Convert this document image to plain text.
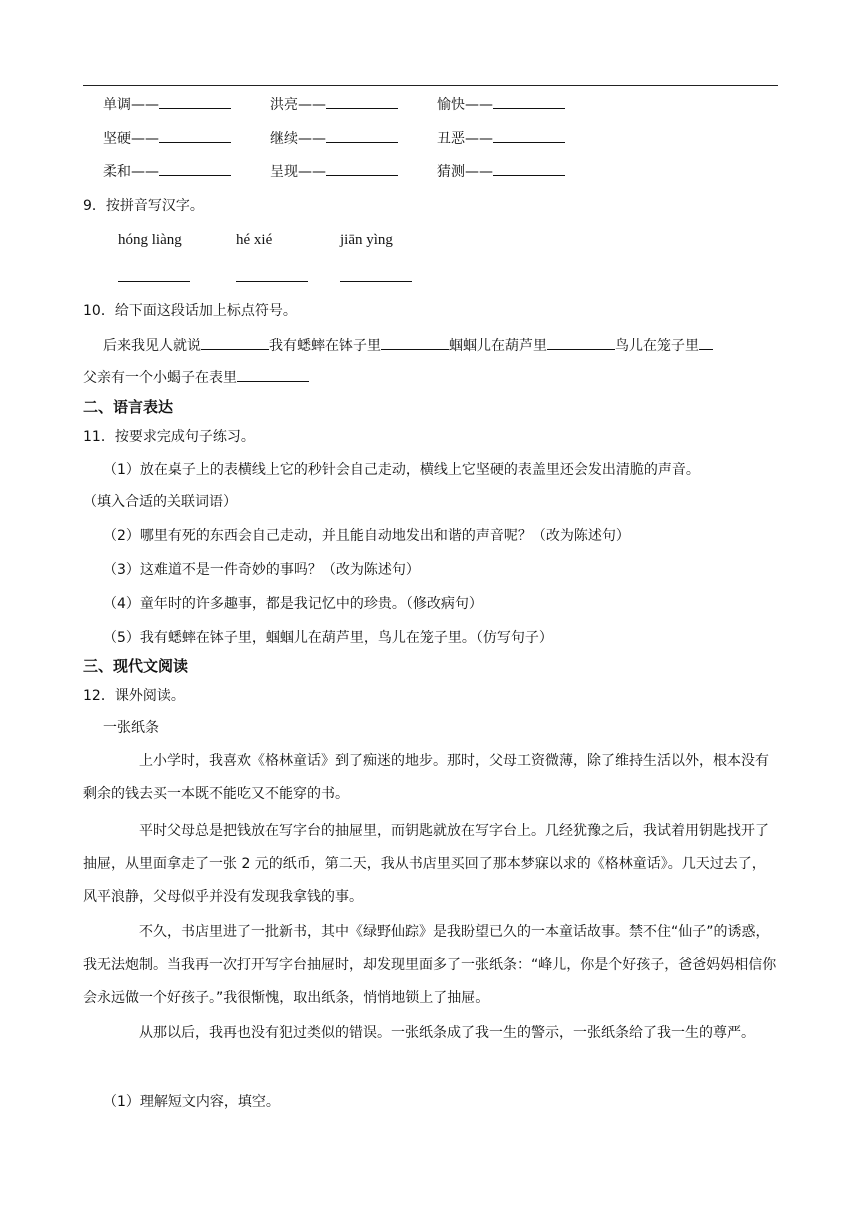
单调——	洪亮——	愉快——
坚硬——	继续——	丑恶——
柔和——	呈现——	猜测——
9．按拼音写汉字。
hóng liàng	hé xié	jiān yìng
10．给下面这段话加上标点符号。
后来我见人就说	我有蟋蟀在钵子里	蝈蝈儿在葫芦里	鸟儿在笼子里
父亲有一个小蝎子在表里
二、语言表达
11．按要求完成句子练习。
（1）放在桌子上的表横线上它的秒针会自己走动，横线上它坚硬的表盖里还会发出清脆的声音。
（填入合适的关联词语）
（2）哪里有死的东西会自己走动，并且能自动地发出和谐的声音呢？（改为陈述句）
（3）这难道不是一件奇妙的事吗？（改为陈述句）
（4）童年时的许多趣事，都是我记忆中的珍贵。（修改病句）
（5）我有蟋蟀在钵子里，蝈蝈儿在葫芦里，鸟儿在笼子里。（仿写句子）
三、现代文阅读
12．课外阅读。
一张纸条
上小学时，我喜欢《格林童话》到了痴迷的地步。那时，父母工资微薄，除了维持生活以外，根本没有剩余的钱去买一本既不能吃又不能穿的书。
平时父母总是把钱放在写字台的抽屉里，而钥匙就放在写字台上。几经犹豫之后，我试着用钥匙找开了抽屉，从里面拿走了一张 2 元的纸币，第二天，我从书店里买回了那本梦寐以求的《格林童话》。几天过去了，风平浪静，父母似乎并没有发现我拿钱的事。
不久，书店里进了一批新书，其中《绿野仙踪》是我盼望已久的一本童话故事。禁不住“仙子”的诱惑，我无法炮制。当我再一次打开写字台抽屉时，却发现里面多了一张纸条：“峰儿，你是个好孩子，爸爸妈妈相信你会永远做一个好孩子。”我很惭愧，取出纸条，悄悄地锁上了抽屉。
从那以后，我再也没有犯过类似的错误。一张纸条成了我一生的警示，一张纸条给了我一生的尊严。
（1）理解短文内容，填空。
